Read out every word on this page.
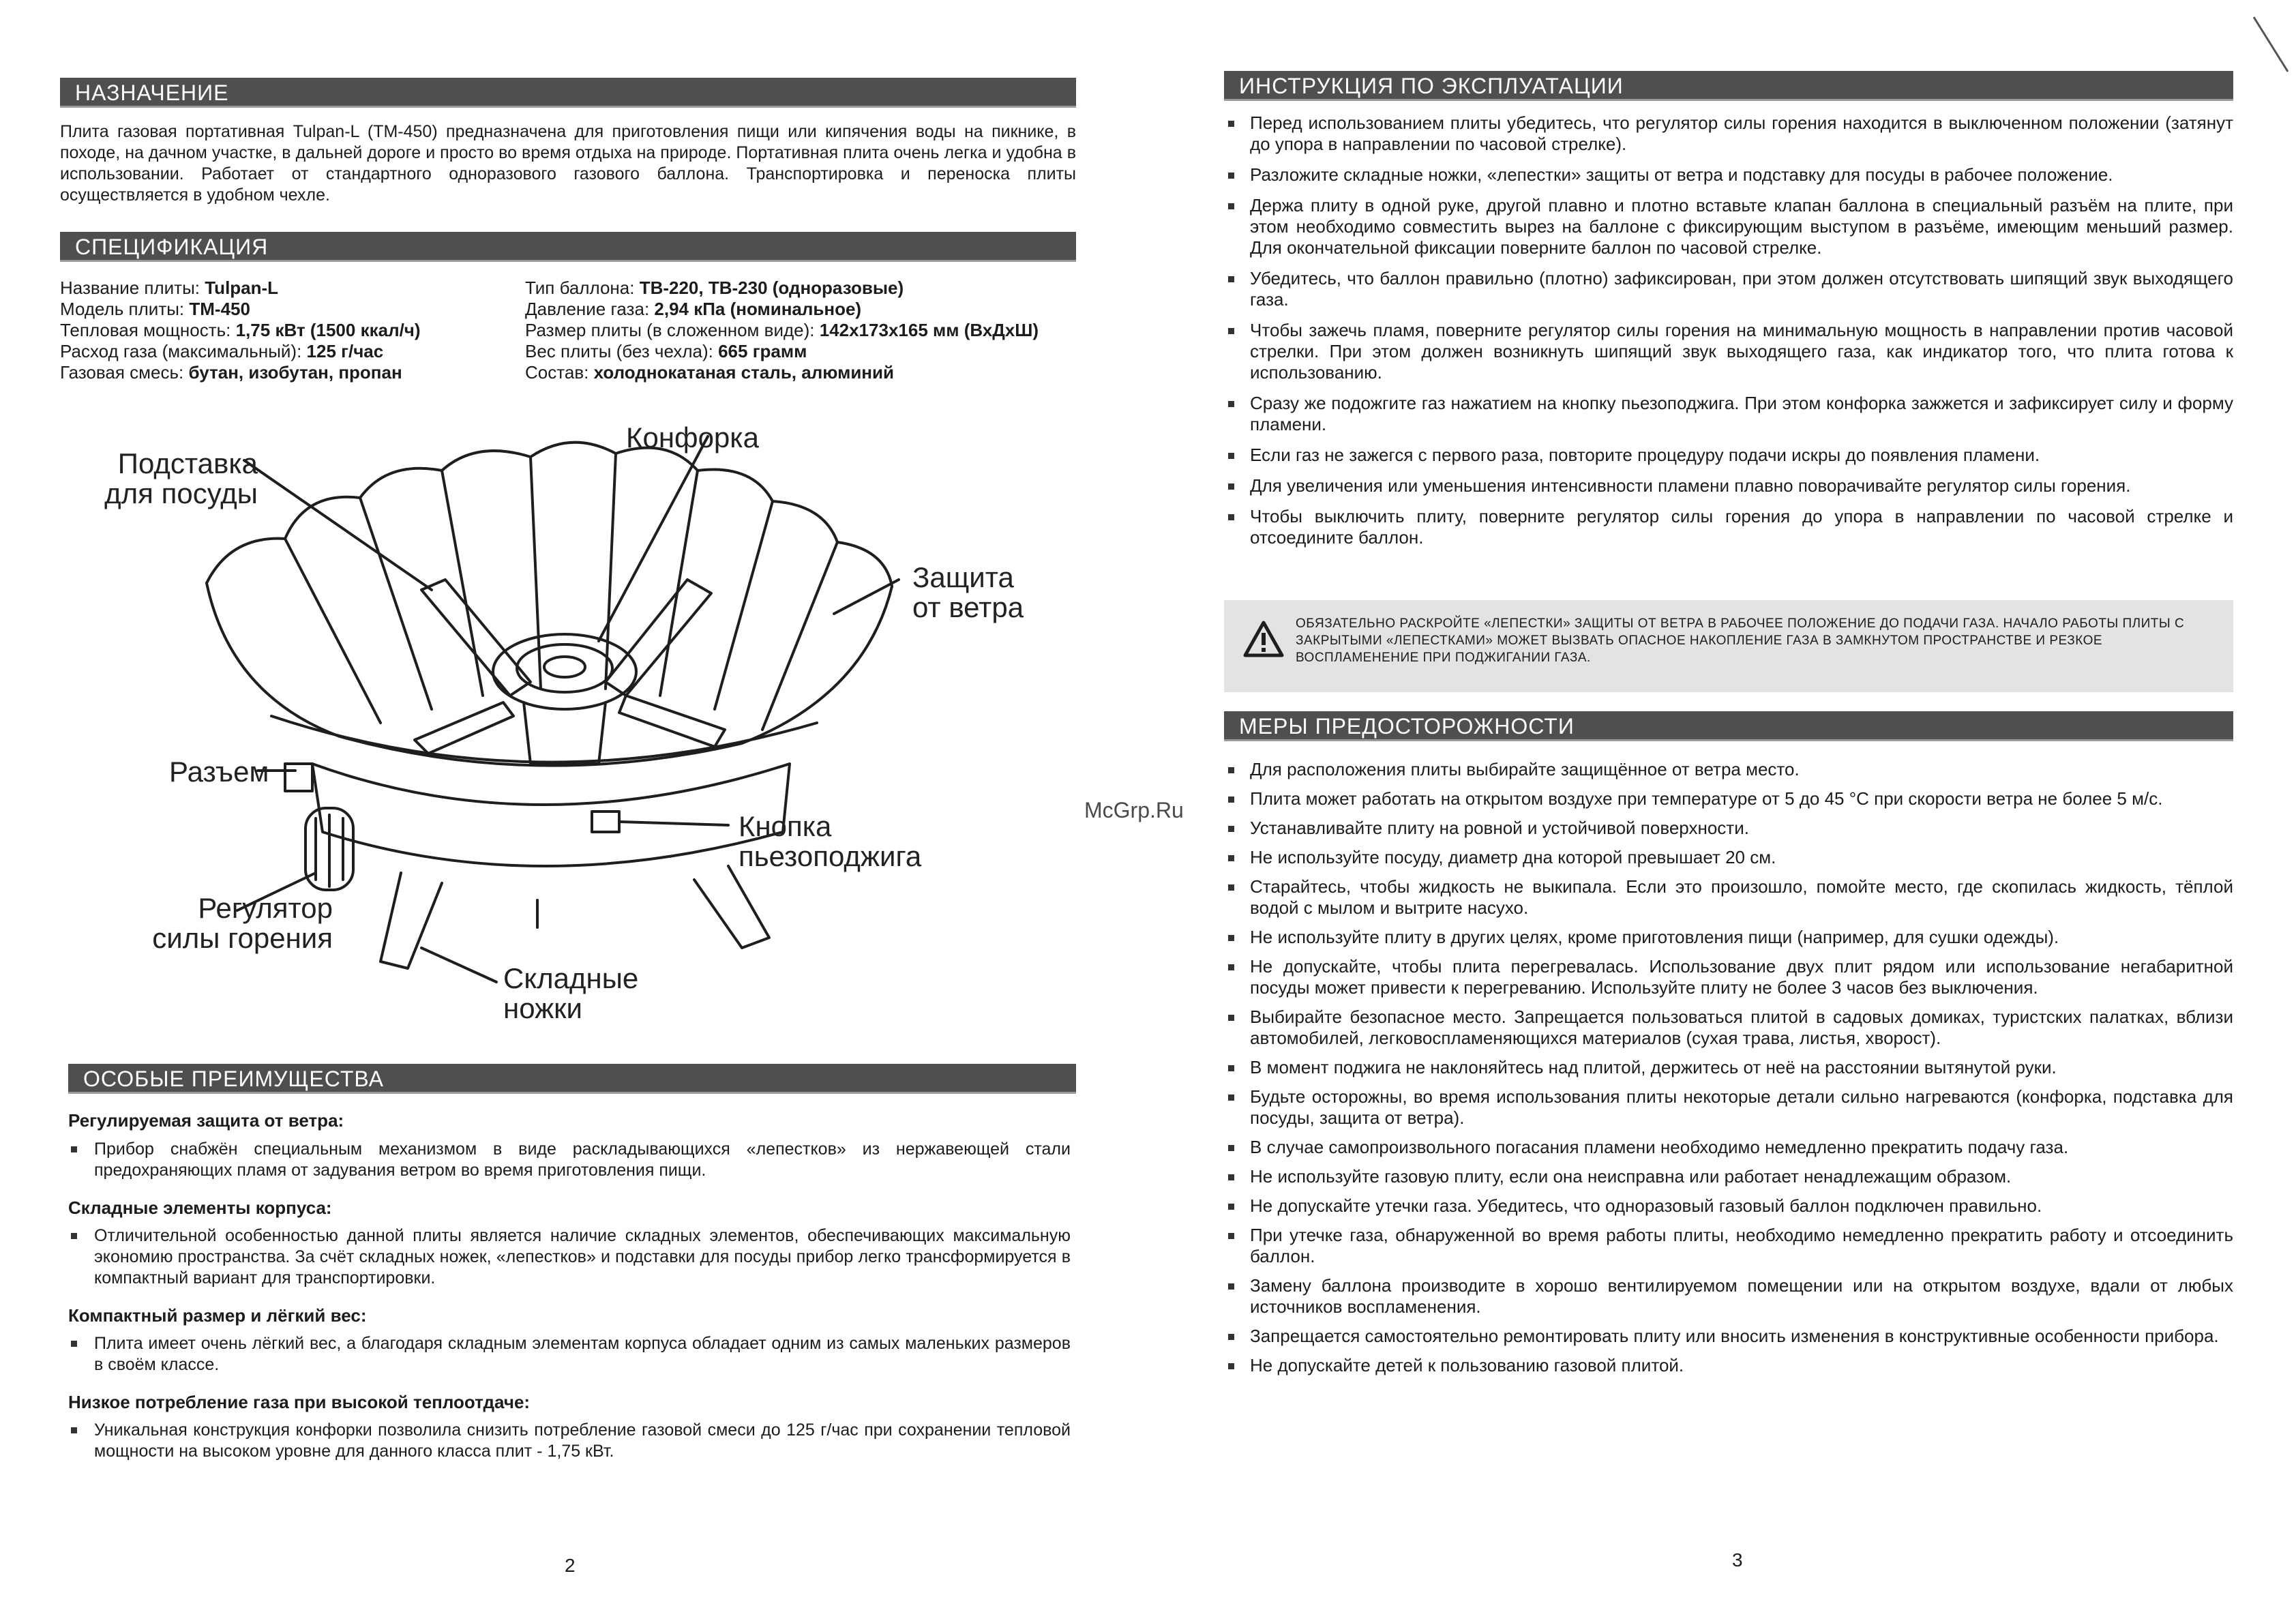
НАЗНАЧЕНИЕ
Плита газовая портативная Tulpan-L (ТМ-450) предназначена для приготовления пищи или кипячения воды на пикнике, в походе, на дачном участке, в дальней дороге и просто во время отдыха на природе. Портативная плита очень легка и удобна в использовании. Работает от стандартного одноразового газового баллона. Транспортировка и переноска плиты осуществляется в удобном чехле.
СПЕЦИФИКАЦИЯ
Название плиты: Tulpan-L
Модель плиты: ТМ-450
Тепловая мощность: 1,75 кВт (1500 ккал/ч)
Расход газа (максимальный): 125 г/час
Газовая смесь: бутан, изобутан, пропан
Тип баллона: ТВ-220, ТВ-230 (одноразовые)
Давление газа: 2,94 кПа (номинальное)
Размер плиты (в сложенном виде): 142х173х165 мм (ВхДхШ)
Вес плиты (без чехла): 665 грамм
Состав: холоднокатаная сталь, алюминий
Подставка
для посуды
Конфорка
Защита
от ветра
Разъем
Кнопка
пьезоподжига
Регулятор
силы горения
Складные
ножки
ОСОБЫЕ ПРЕИМУЩЕСТВА
Регулируемая защита от ветра:
Прибор снабжён специальным механизмом в виде раскладывающихся «лепестков» из нержавеющей стали предохраняющих пламя от задувания ветром во время приготовления пищи.
Складные элементы корпуса:
Отличительной особенностью данной плиты является наличие складных элементов, обеспечивающих максимальную экономию пространства. За счёт складных ножек, «лепестков» и подставки для посуды прибор легко трансформируется в компактный вариант для транспортировки.
Компактный размер и лёгкий вес:
Плита имеет очень лёгкий вес, а благодаря складным элементам корпуса обладает одним из самых маленьких размеров в своём классе.
Низкое потребление газа при высокой теплоотдаче:
Уникальная конструкция конфорки позволила снизить потребление газовой смеси до 125 г/час при сохранении тепловой мощности на высоком уровне для данного класса плит - 1,75 кВт.
2
ИНСТРУКЦИЯ ПО ЭКСПЛУАТАЦИИ
Перед использованием плиты убедитесь, что регулятор силы горения находится в выключенном положении (затянут до упора в направлении по часовой стрелке).
Разложите складные ножки, «лепестки» защиты от ветра и подставку для посуды в рабочее положение.
Держа плиту в одной руке, другой плавно и плотно вставьте клапан баллона в специальный разъём на плите, при этом необходимо совместить вырез на баллоне с фиксирующим выступом в разъёме, имеющим меньший размер. Для окончательной фиксации поверните баллон по часовой стрелке.
Убедитесь, что баллон правильно (плотно) зафиксирован, при этом должен отсутствовать шипящий звук выходящего газа.
Чтобы зажечь пламя, поверните регулятор силы горения на минимальную мощность в направлении против часовой стрелки. При этом должен возникнуть шипящий звук выходящего газа, как индикатор того, что плита готова к использованию.
Сразу же подожгите газ нажатием на кнопку пьезоподжига. При этом конфорка зажжется и зафиксирует силу и форму пламени.
Если газ не зажегся с первого раза, повторите процедуру подачи искры до появления пламени.
Для увеличения или уменьшения интенсивности пламени плавно поворачивайте регулятор силы горения.
Чтобы выключить плиту, поверните регулятор силы горения до упора в направлении по часовой стрелке и отсоедините баллон.
ОБЯЗАТЕЛЬНО РАСКРОЙТЕ «ЛЕПЕСТКИ» ЗАЩИТЫ ОТ ВЕТРА В РАБОЧЕЕ ПОЛОЖЕНИЕ ДО ПОДАЧИ ГАЗА. НАЧАЛО РАБОТЫ ПЛИТЫ С ЗАКРЫТЫМИ «ЛЕПЕСТКАМИ» МОЖЕТ ВЫЗВАТЬ ОПАСНОЕ НАКОПЛЕНИЕ ГАЗА В ЗАМКНУТОМ ПРОСТРАНСТВЕ И РЕЗКОЕ ВОСПЛАМЕНЕНИЕ ПРИ ПОДЖИГАНИИ ГАЗА.
МЕРЫ ПРЕДОСТОРОЖНОСТИ
Для расположения плиты выбирайте защищённое от ветра место.
Плита может работать на открытом воздухе при температуре от 5 до 45 °С при скорости ветра не более 5 м/с.
Устанавливайте плиту на ровной и устойчивой поверхности.
Не используйте посуду, диаметр дна которой превышает 20 см.
Старайтесь, чтобы жидкость не выкипала. Если это произошло, помойте место, где скопилась жидкость, тёплой водой с мылом и вытрите насухо.
Не используйте плиту в других целях, кроме приготовления пищи (например, для сушки одежды).
Не допускайте, чтобы плита перегревалась. Использование двух плит рядом или использование негабаритной посуды может привести к перегреванию. Используйте плиту не более 3 часов без выключения.
Выбирайте безопасное место. Запрещается пользоваться плитой в садовых домиках, туристских палатках, вблизи автомобилей, легковоспламеняющихся материалов (сухая трава, листья, хворост).
В момент поджига не наклоняйтесь над плитой, держитесь от неё на расстоянии вытянутой руки.
Будьте осторожны, во время использования плиты некоторые детали сильно нагреваются (конфорка, подставка для посуды, защита от ветра).
В случае самопроизвольного погасания пламени необходимо немедленно прекратить подачу газа.
Не используйте газовую плиту, если она неисправна или работает ненадлежащим образом.
Не допускайте утечки газа. Убедитесь, что одноразовый газовый баллон подключен правильно.
При утечке газа, обнаруженной во время работы плиты, необходимо немедленно прекратить работу и отсоединить баллон.
Замену баллона производите в хорошо вентилируемом помещении или на открытом воздухе, вдали от любых источников воспламенения.
Запрещается самостоятельно ремонтировать плиту или вносить изменения в конструктивные особенности прибора.
Не допускайте детей к пользованию газовой плитой.
3
McGrp.Ru
